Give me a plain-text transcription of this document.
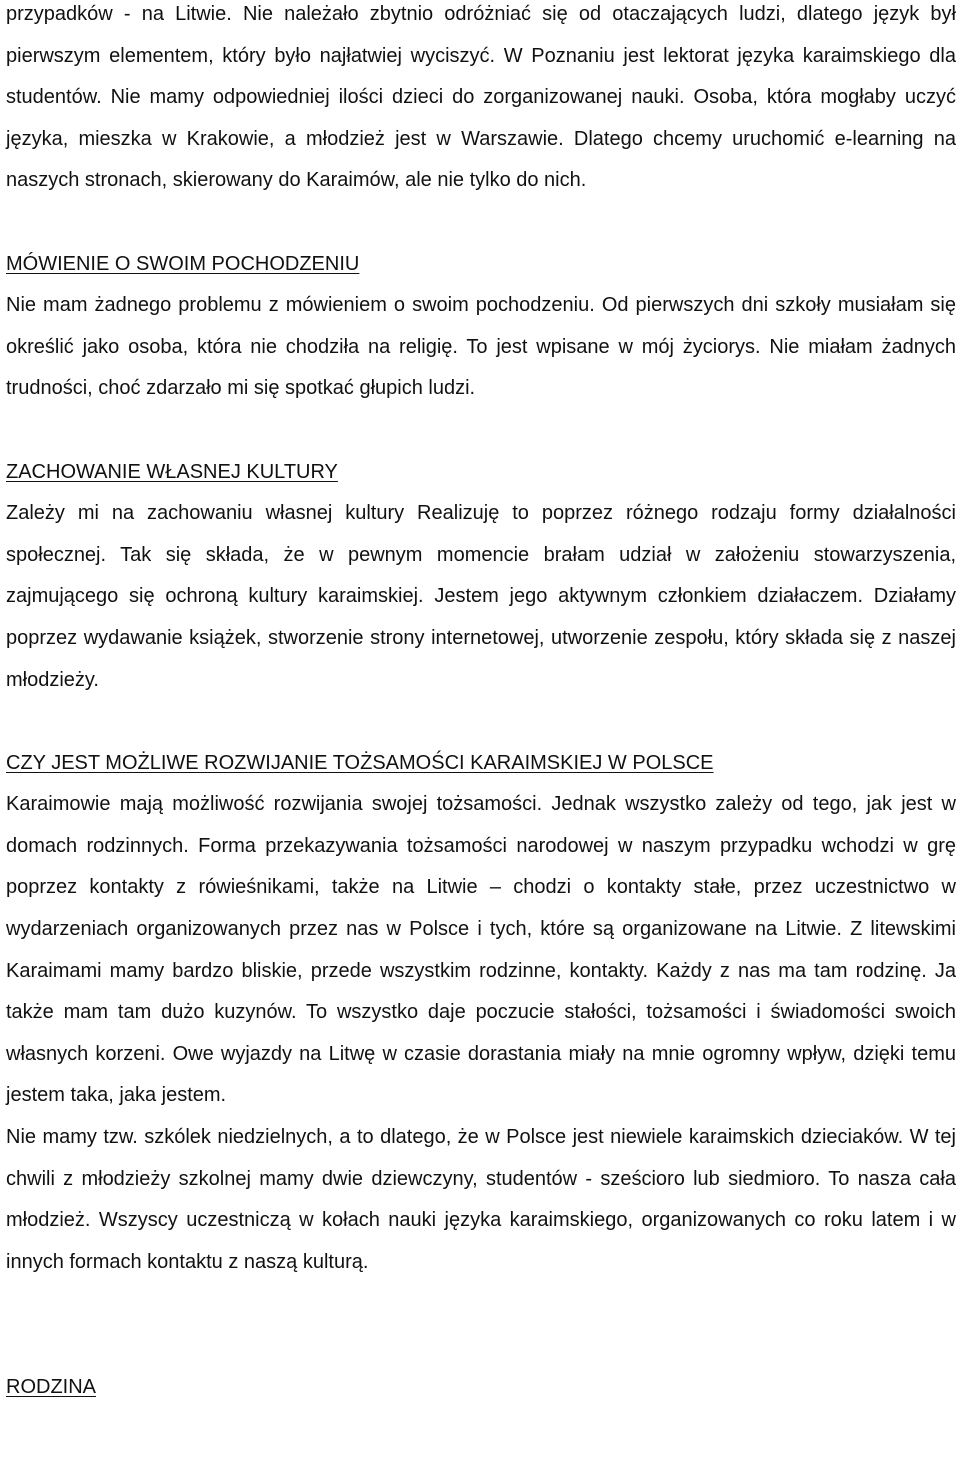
przypadków - na Litwie. Nie należało zbytnio odróżniać się od otaczających ludzi, dlatego język był pierwszym elementem, który było najłatwiej wyciszyć. W Poznaniu jest lektorat języka karaimskiego dla studentów. Nie mamy odpowiedniej ilości dzieci do zorganizowanej nauki. Osoba, która mogłaby uczyć języka, mieszka w Krakowie, a młodzież jest w Warszawie. Dlatego chcemy uruchomić e-learning na naszych stronach, skierowany do Karaimów, ale nie tylko do nich.

MÓWIENIE O SWOIM POCHODZENIU

Nie mam żadnego problemu z mówieniem o swoim pochodzeniu. Od pierwszych dni szkoły musiałam się określić jako osoba, która nie chodziła na religię. To jest wpisane w mój życiorys. Nie miałam żadnych trudności, choć zdarzało mi się spotkać głupich ludzi.

ZACHOWANIE WŁASNEJ KULTURY

Zależy mi na zachowaniu własnej kultury Realizuję to poprzez różnego rodzaju formy działalności społecznej. Tak się składa, że w pewnym momencie brałam udział w założeniu stowarzyszenia, zajmującego się ochroną kultury karaimskiej. Jestem jego aktywnym członkiem działaczem. Działamy poprzez wydawanie książek, stworzenie strony internetowej, utworzenie zespołu, który składa się z naszej młodzieży.

CZY JEST MOŻLIWE ROZWIJANIE TOŻSAMOŚCI KARAIMSKIEJ W POLSCE

Karaimowie mają możliwość rozwijania swojej tożsamości. Jednak wszystko zależy od tego, jak jest w domach rodzinnych. Forma przekazywania tożsamości narodowej w naszym przypadku wchodzi w grę poprzez kontakty z rówieśnikami, także na Litwie – chodzi o kontakty stałe, przez uczestnictwo w wydarzeniach organizowanych przez nas w Polsce i tych, które są organizowane na Litwie. Z litewskimi Karaimami mamy bardzo bliskie, przede wszystkim rodzinne, kontakty. Każdy z nas ma tam rodzinę. Ja także mam tam dużo kuzynów. To wszystko daje poczucie stałości, tożsamości i świadomości swoich własnych korzeni. Owe wyjazdy na Litwę w czasie dorastania miały na mnie ogromny wpływ, dzięki temu jestem taka, jaka jestem.

Nie mamy tzw. szkólek niedzielnych, a to dlatego, że w Polsce jest niewiele karaimskich dzieciaków. W tej chwili z młodzieży szkolnej mamy dwie dziewczyny, studentów - sześcioro lub siedmioro. To nasza cała młodzież. Wszyscy uczestniczą w kołach nauki języka karaimskiego, organizowanych co roku latem i w innych formach kontaktu z naszą kulturą.

RODZINA
